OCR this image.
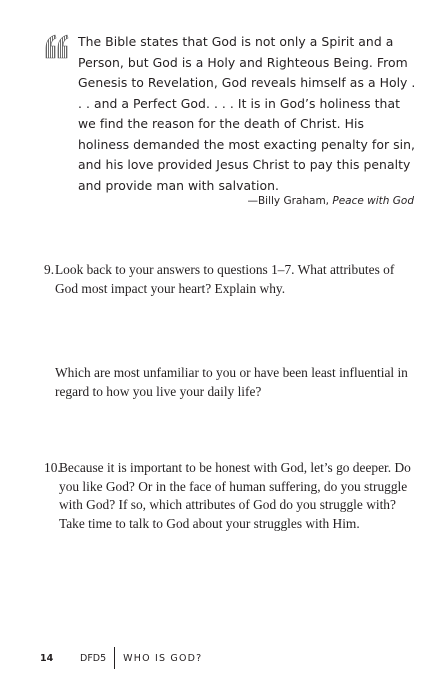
The Bible states that God is not only a Spirit and a Person, but God is a Holy and Righteous Being. From Genesis to Revelation, God reveals himself as a Holy . . . and a Perfect God. . . . It is in God’s holiness that we find the reason for the death of Christ. His holiness demanded the most exacting penalty for sin, and his love provided Jesus Christ to pay this penalty and provide man with salvation.
—Billy Graham, Peace with God
9. Look back to your answers to questions 1–7. What attributes of God most impact your heart? Explain why.
Which are most unfamiliar to you or have been least influential in regard to how you live your daily life?
10.
Because it is important to be honest with God, let’s go deeper. Do you like God? Or in the face of human suffering, do you struggle with God? If so, which attributes of God do you struggle with? Take time to talk to God about your struggles with Him.
14	DFD5 WHO IS GOD?
